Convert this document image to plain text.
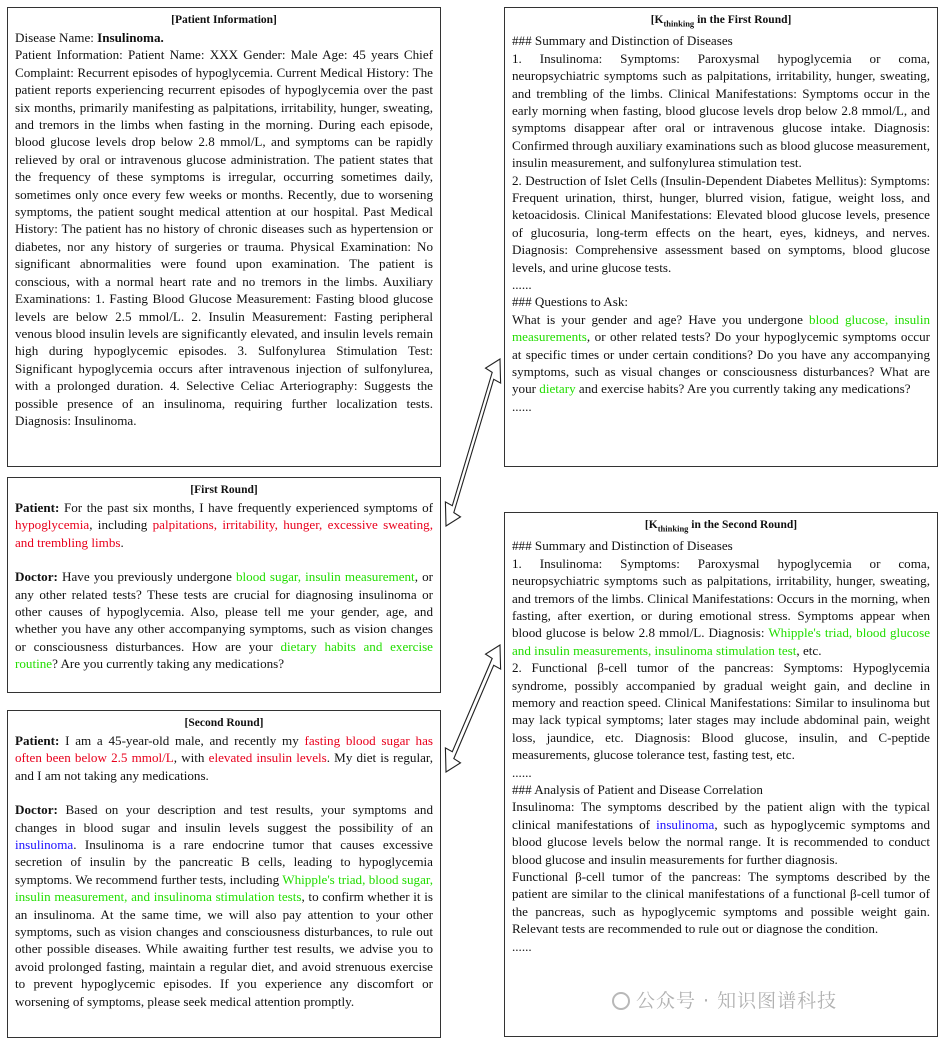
[Patient Information]
Disease Name: Insulinoma.
Patient Information: Patient Name: XXX Gender: Male Age: 45 years Chief Complaint: Recurrent episodes of hypoglycemia. Current Medical History: The patient reports experiencing recurrent episodes of hypoglycemia over the past six months, primarily manifesting as palpitations, irritability, hunger, sweating, and tremors in the limbs when fasting in the morning. During each episode, blood glucose levels drop below 2.8 mmol/L, and symptoms can be rapidly relieved by oral or intravenous glucose administration. The patient states that the frequency of these symptoms is irregular, occurring sometimes daily, sometimes only once every few weeks or months. Recently, due to worsening symptoms, the patient sought medical attention at our hospital. Past Medical History: The patient has no history of chronic diseases such as hypertension or diabetes, nor any history of surgeries or trauma. Physical Examination: No significant abnormalities were found upon examination. The patient is conscious, with a normal heart rate and no tremors in the limbs. Auxiliary Examinations: 1. Fasting Blood Glucose Measurement: Fasting blood glucose levels are below 2.5 mmol/L. 2. Insulin Measurement: Fasting peripheral venous blood insulin levels are significantly elevated, and insulin levels remain high during hypoglycemic episodes. 3. Sulfonylurea Stimulation Test: Significant hypoglycemia occurs after intravenous injection of sulfonylurea, with a prolonged duration. 4. Selective Celiac Arteriography: Suggests the possible presence of an insulinoma, requiring further localization tests. Diagnosis: Insulinoma.
[First Round]
Patient: For the past six months, I have frequently experienced symptoms of hypoglycemia, including palpitations, irritability, hunger, excessive sweating, and trembling limbs.
Doctor: Have you previously undergone blood sugar, insulin measurement, or any other related tests? These tests are crucial for diagnosing insulinoma or other causes of hypoglycemia. Also, please tell me your gender, age, and whether you have any other accompanying symptoms, such as vision changes or consciousness disturbances. How are your dietary habits and exercise routine? Are you currently taking any medications?
[Second Round]
Patient: I am a 45-year-old male, and recently my fasting blood sugar has often been below 2.5 mmol/L, with elevated insulin levels. My diet is regular, and I am not taking any medications.
Doctor: Based on your description and test results, your symptoms and changes in blood sugar and insulin levels suggest the possibility of an insulinoma. Insulinoma is a rare endocrine tumor that causes excessive secretion of insulin by the pancreatic B cells, leading to hypoglycemia symptoms. We recommend further tests, including Whipple's triad, blood sugar, insulin measurement, and insulinoma stimulation tests, to confirm whether it is an insulinoma. At the same time, we will also pay attention to your other symptoms, such as vision changes and consciousness disturbances, to rule out other possible diseases. While awaiting further test results, we advise you to avoid prolonged fasting, maintain a regular diet, and avoid strenuous exercise to prevent hypoglycemic episodes. If you experience any discomfort or worsening of symptoms, please seek medical attention promptly.
[$K_{thinking}$ in the First Round]
### Summary and Distinction of Diseases
1. Insulinoma: Symptoms: Paroxysmal hypoglycemia or coma, neuropsychiatric symptoms such as palpitations, irritability, hunger, sweating, and trembling of the limbs. Clinical Manifestations: Symptoms occur in the early morning when fasting, blood glucose levels drop below 2.8 mmol/L, and symptoms disappear after oral or intravenous glucose intake. Diagnosis: Confirmed through auxiliary examinations such as blood glucose measurement, insulin measurement, and sulfonylurea stimulation test.
2. Destruction of Islet Cells (Insulin-Dependent Diabetes Mellitus): Symptoms: Frequent urination, thirst, hunger, blurred vision, fatigue, weight loss, and ketoacidosis. Clinical Manifestations: Elevated blood glucose levels, presence of glucosuria, long-term effects on the heart, eyes, kidneys, and nerves. Diagnosis: Comprehensive assessment based on symptoms, blood glucose levels, and urine glucose tests.
......
### Questions to Ask:
What is your gender and age? Have you undergone blood glucose, insulin measurements, or other related tests? Do your hypoglycemic symptoms occur at specific times or under certain conditions? Do you have any accompanying symptoms, such as visual changes or consciousness disturbances? What are your dietary and exercise habits? Are you currently taking any medications?
......
[$K_{thinking}$ in the Second Round]
### Summary and Distinction of Diseases
1. Insulinoma: Symptoms: Paroxysmal hypoglycemia or coma, neuropsychiatric symptoms such as palpitations, irritability, hunger, sweating, and tremors of the limbs. Clinical Manifestations: Occurs in the morning, when fasting, after exertion, or during emotional stress. Symptoms appear when blood glucose is below 2.8 mmol/L. Diagnosis: Whipple's triad, blood glucose and insulin measurements, insulinoma stimulation test, etc.
2. Functional β-cell tumor of the pancreas: Symptoms: Hypoglycemia syndrome, possibly accompanied by gradual weight gain, and decline in memory and reaction speed. Clinical Manifestations: Similar to insulinoma but may lack typical symptoms; later stages may include abdominal pain, weight loss, jaundice, etc. Diagnosis: Blood glucose, insulin, and C-peptide measurements, glucose tolerance test, fasting test, etc.
......
### Analysis of Patient and Disease Correlation
Insulinoma: The symptoms described by the patient align with the typical clinical manifestations of insulinoma, such as hypoglycemic symptoms and blood glucose levels below the normal range. It is recommended to conduct blood glucose and insulin measurements for further diagnosis.
Functional β-cell tumor of the pancreas: The symptoms described by the patient are similar to the clinical manifestations of a functional β-cell tumor of the pancreas, such as hypoglycemic symptoms and possible weight gain. Relevant tests are recommended to rule out or diagnose the condition.
......
公众号 · 知识图谱科技
